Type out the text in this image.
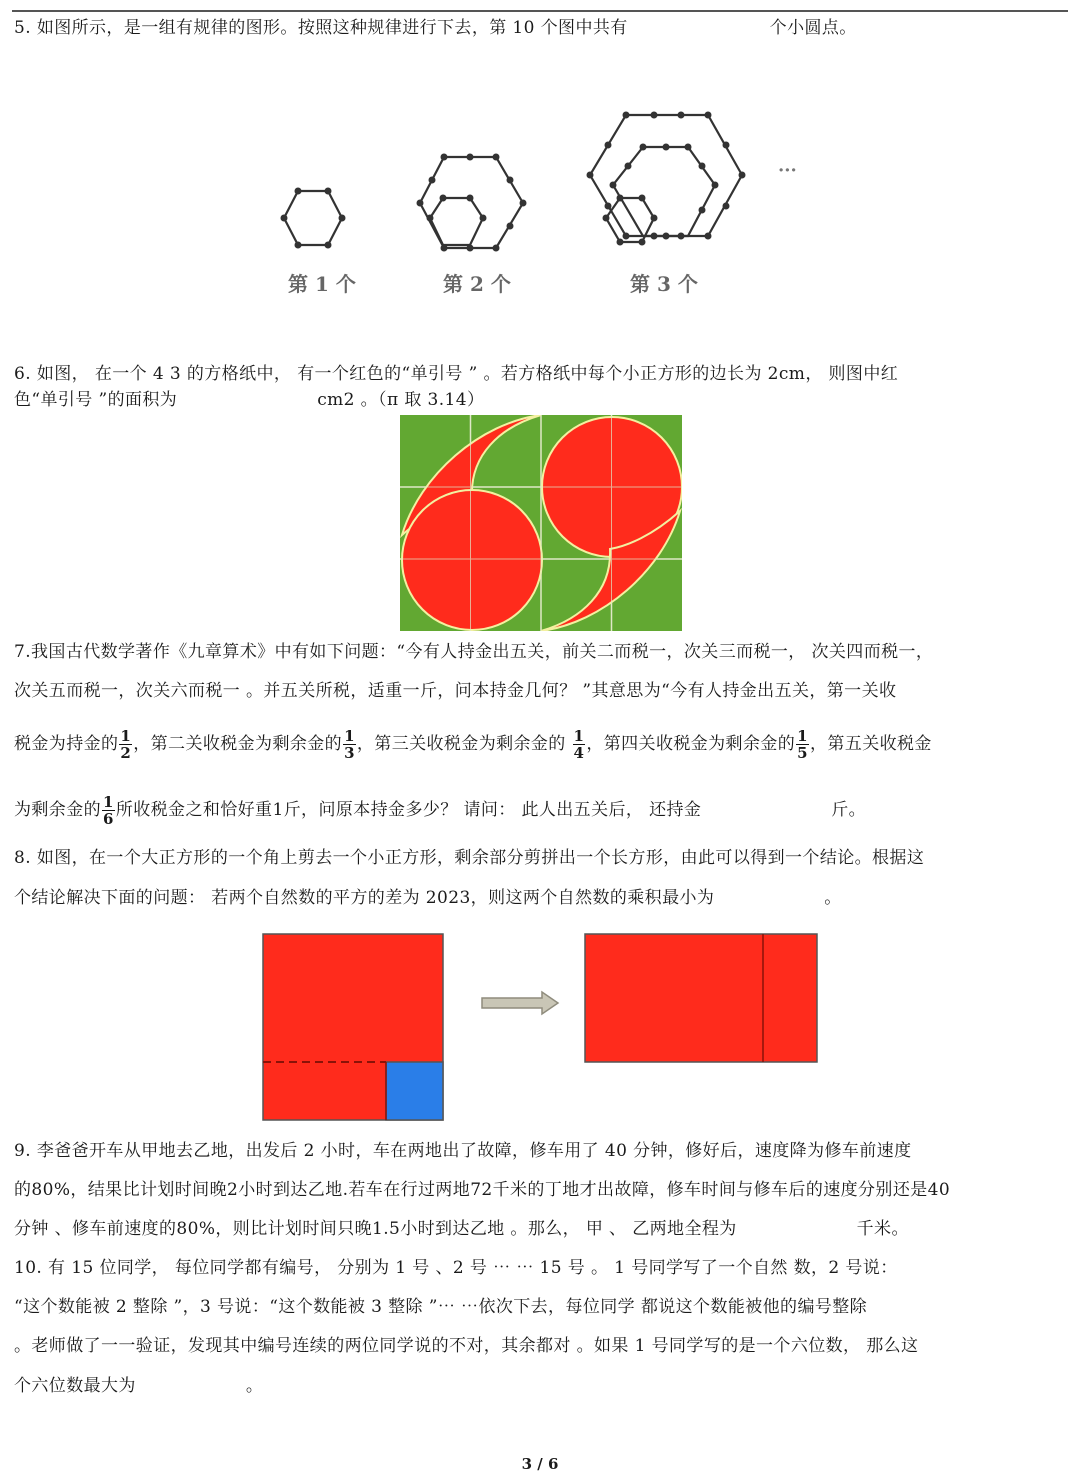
5. 如图所示，是一组有规律的图形。按照这种规律进行下去，第 10 个图中共有	个小圆点。
···
第 1 个	第 2 个	第 3 个
6. 如图， 在一个 4 3 的方格纸中， 有一个红色的“单引号 ” 。若方格纸中每个小正方形的边长为 2cm， 则图中红
色“单引号 ”的面积为	cm2 。（π 取 3.14）
7.我国古代数学著作《九章算术》中有如下问题：“今有人持金出五关，前关二而税一，次关三而税一， 次关四而税一，
次关五而税一，次关六而税一 。并五关所税，适重一斤，问本持金几何？ ”其意思为“今有人持金出五关，第一关收
税金为持金的 $\frac{1}{2}$ ，第二关收税金为剩余金的 $\frac{1}{3}$ ，第三关收税金为剩余金的 $\frac{1}{4}$ ，第四关收税金为剩余金的 $\frac{1}{5}$ ，第五关收税金
为剩余金的 $\frac{1}{6}$ 所收税金之和恰好重1斤，问原本持金多少？ 请问： 此人出五关后， 还持金	斤。
8. 如图，在一个大正方形的一个角上剪去一个小正方形，剩余部分剪拼出一个长方形，由此可以得到一个结论。根据这
个结论解决下面的问题： 若两个自然数的平方的差为 2023，则这两个自然数的乘积最小为	。
9. 李爸爸开车从甲地去乙地，出发后 2 小时，车在两地出了故障，修车用了 40 分钟，修好后，速度降为修车前速度
的80%，结果比计划时间晚2小时到达乙地.若车在行过两地72千米的丁地才出故障，修车时间与修车后的速度分别还是40
分钟 、修车前速度的80%，则比计划时间只晚1.5小时到达乙地 。那么， 甲 、 乙两地全程为	千米。
10. 有 15 位同学， 每位同学都有编号， 分别为 1 号 、2 号 ⋯ ⋯ 15 号 。 1 号同学写了一个自然 数，2 号说：
“这个数能被 2 整除 ”，3 号说：“这个数能被 3 整除 ”⋯ ⋯依次下去，每位同学 都说这个数能被他的编号整除
。老师做了一一验证，发现其中编号连续的两位同学说的不对，其余都对 。如果 1 号同学写的是一个六位数， 那么这
个六位数最大为	。
3 / 6
